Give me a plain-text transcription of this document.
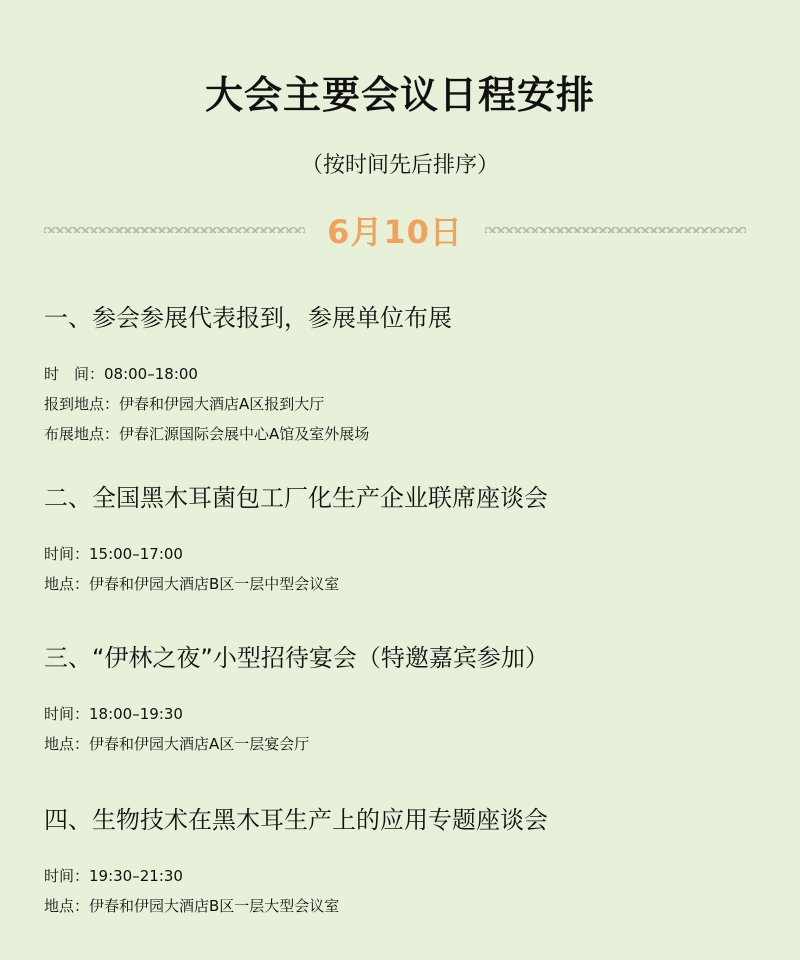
大会主要会议日程安排

（按时间先后排序）

6月10日
一、参会参展代表报到，参展单位布展
时　间：08:00–18:00
报到地点：伊春和伊园大酒店A区报到大厅
布展地点：伊春汇源国际会展中心A馆及室外展场
二、全国黑木耳菌包工厂化生产企业联席座谈会
时间：15:00–17:00
地点：伊春和伊园大酒店B区一层中型会议室
三、“伊林之夜”小型招待宴会（特邀嘉宾参加）
时间：18:00–19:30
地点：伊春和伊园大酒店A区一层宴会厅
四、生物技术在黑木耳生产上的应用专题座谈会
时间：19:30–21:30
地点：伊春和伊园大酒店B区一层大型会议室
